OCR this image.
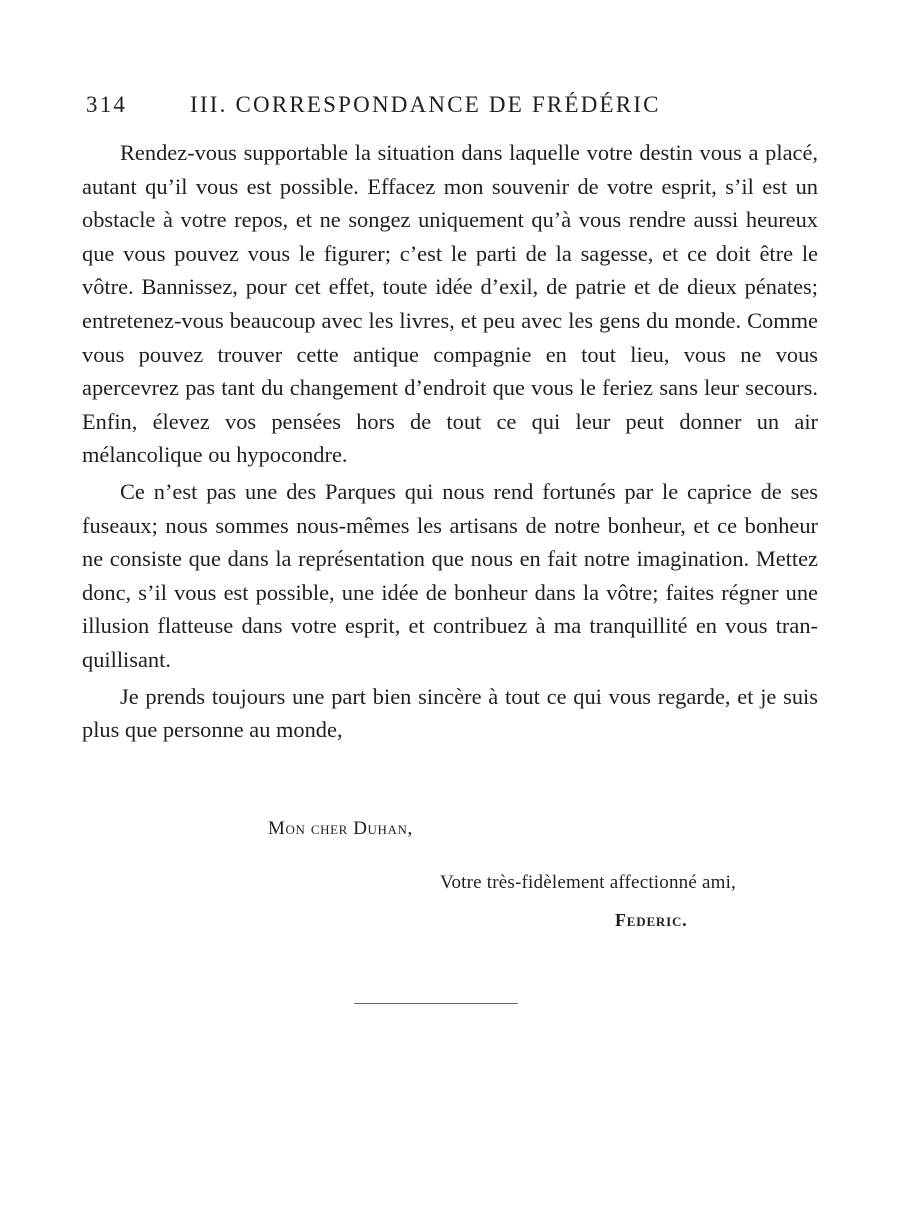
314	III. CORRESPONDANCE DE FRÉDÉRIC

Rendez-vous supportable la situation dans laquelle votre destin vous a placé, autant qu’il vous est possible. Effacez mon souvenir de votre esprit, s’il est un obstacle à votre repos, et ne songez uniquement qu’à vous rendre aussi heureux que vous pouvez vous le figurer; c’est le parti de la sagesse, et ce doit être le vôtre. Bannissez, pour cet effet, toute idée d’exil, de patrie et de dieux pénates; entretenez-vous beaucoup avec les livres, et peu avec les gens du monde. Comme vous pouvez trouver cette antique compagnie en tout lieu, vous ne vous apercevrez pas tant du changement d’endroit que vous le feriez sans leur secours. Enfin, élevez vos pensées hors de tout ce qui leur peut donner un air mélancolique ou hypocondre.

Ce n’est pas une des Parques qui nous rend fortunés par le caprice de ses fuseaux; nous sommes nous-mêmes les artisans de notre bonheur, et ce bonheur ne consiste que dans la représentation que nous en fait notre imagination. Mettez donc, s’il vous est possible, une idée de bonheur dans la vôtre; faites régner une illusion flatteuse dans votre esprit, et contribuez à ma tranquillité en vous tranquillisant.

Je prends toujours une part bien sincère à tout ce qui vous regarde, et je suis plus que personne au monde,

Mon cher Duhan,
Votre très-fidèlement affectionné ami,
Federic.
